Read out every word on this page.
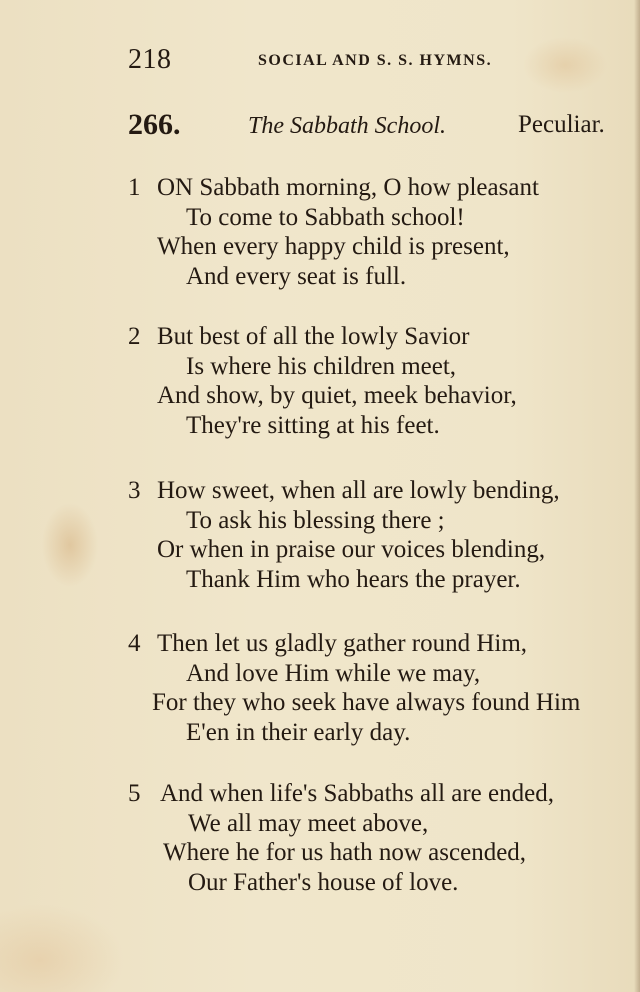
218	SOCIAL AND S. S. HYMNS.
266.	The Sabbath School.	Peculiar.
1 ON Sabbath morning, O how pleasant
To come to Sabbath school!
When every happy child is present,
And every seat is full.
2 But best of all the lowly Savior
Is where his children meet,
And show, by quiet, meek behavior,
They're sitting at his feet.
3 How sweet, when all are lowly bending,
To ask his blessing there ;
Or when in praise our voices blending,
Thank Him who hears the prayer.
4 Then let us gladly gather round Him,
And love Him while we may,
For they who seek have always found Him
E'en in their early day.
5 And when life's Sabbaths all are ended,
We all may meet above,
Where he for us hath now ascended,
Our Father's house of love.
